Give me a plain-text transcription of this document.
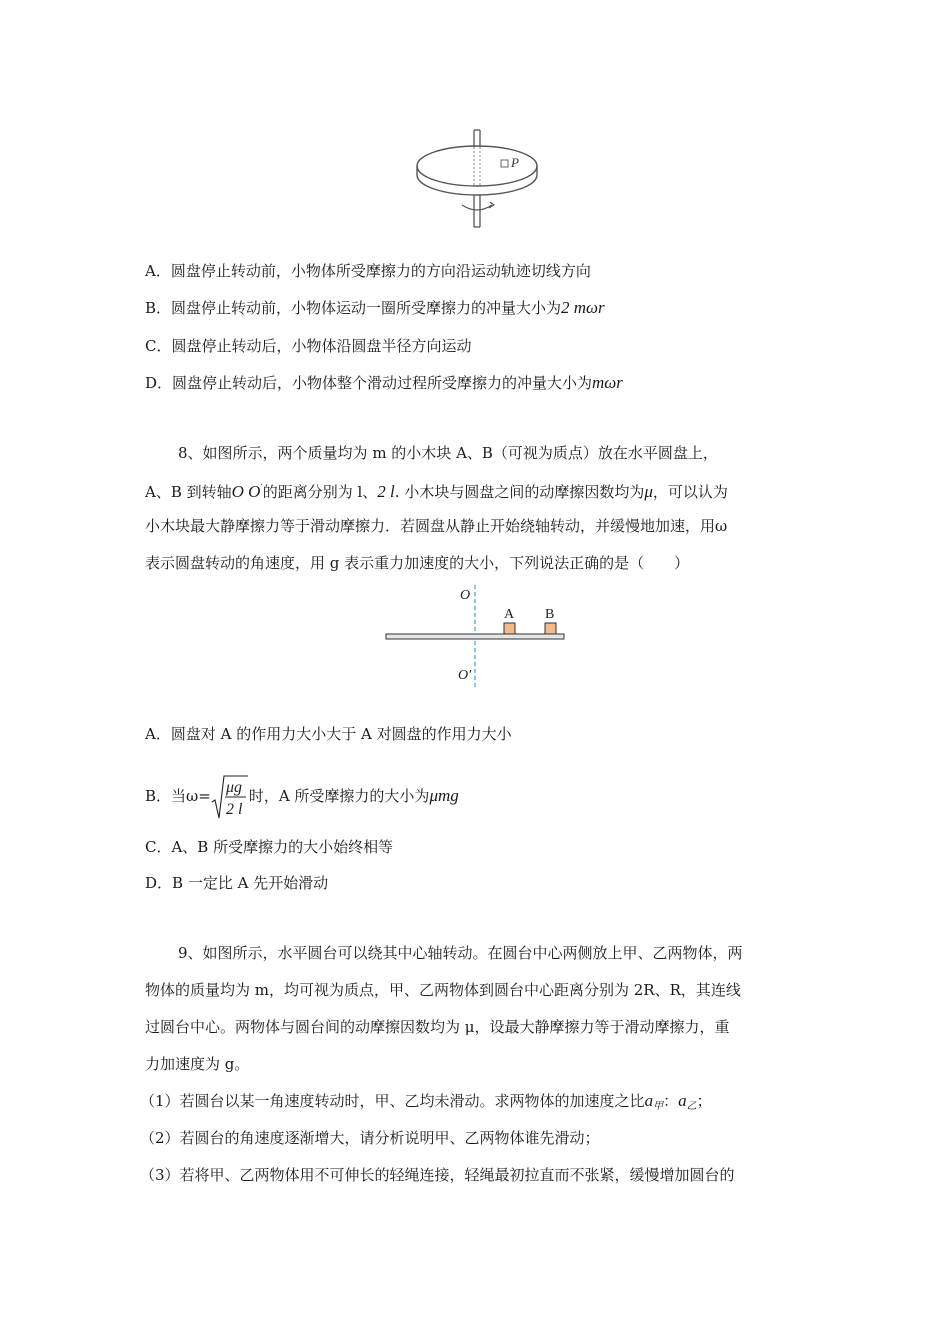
P
A．圆盘停止转动前，小物体所受摩擦力的方向沿运动轨迹切线方向
B．圆盘停止转动前，小物体运动一圈所受摩擦力的冲量大小为2 mωr
C．圆盘停止转动后，小物体沿圆盘半径方向运动
D．圆盘停止转动后，小物体整个滑动过程所受摩擦力的冲量大小为mωr
8、如图所示，两个质量均为 m 的小木块 A、B（可视为质点）放在水平圆盘上，
A、B 到转轴O O′的距离分别为 l、2 l. 小木块与圆盘之间的动摩擦因数均为μ，可以认为
小木块最大静摩擦力等于滑动摩擦力．若圆盘从静止开始绕轴转动，并缓慢地加速，用ω
表示圆盘转动的角速度，用 g 表示重力加速度的大小，下列说法正确的是（　　）
O
O′
A B
A．圆盘对 A 的作用力大小大于 A 对圆盘的作用力大小
B．当ω= μg
2 l
时，A 所受摩擦力的大小为μmg
C．A、B 所受摩擦力的大小始终相等
D．B 一定比 A 先开始滑动
9、如图所示，水平圆台可以绕其中心轴转动。在圆台中心两侧放上甲、乙两物体，两
物体的质量均为 m，均可视为质点，甲、乙两物体到圆台中心距离分别为 2R、R，其连线
过圆台中心。两物体与圆台间的动摩擦因数均为 μ，设最大静摩擦力等于滑动摩擦力，重
力加速度为 g。
（1）若圆台以某一角速度转动时，甲、乙均未滑动。求两物体的加速度之比$a_甲$：$a_乙$；
（2）若圆台的角速度逐渐增大，请分析说明甲、乙两物体谁先滑动；
（3）若将甲、乙两物体用不可伸长的轻绳连接，轻绳最初拉直而不张紧，缓慢增加圆台的
